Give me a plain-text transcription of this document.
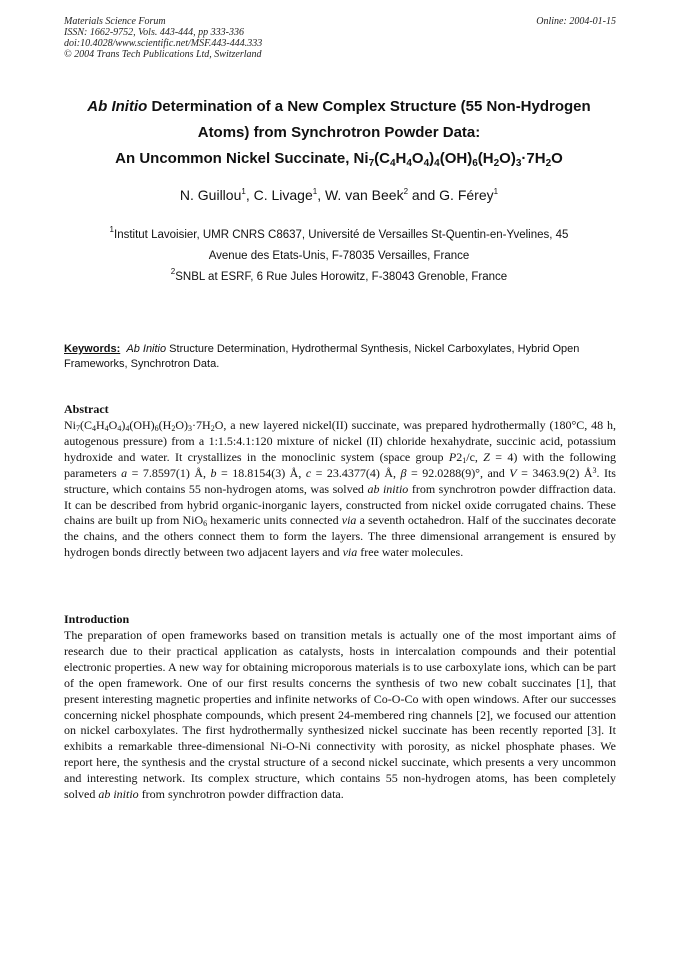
Materials Science Forum
ISSN: 1662-9752, Vols. 443-444, pp 333-336
doi:10.4028/www.scientific.net/MSF.443-444.333
© 2004 Trans Tech Publications Ltd, Switzerland
Online: 2004-01-15
Ab Initio Determination of a New Complex Structure (55 Non-Hydrogen
Atoms) from Synchrotron Powder Data:
An Uncommon Nickel Succinate, $Ni_7(C_4H_4O_4)_4(OH)_6(H_2O)_3\cdot 7H_2O$
N. Guillou$^1$, C. Livage$^1$, W. van Beek$^2$ and G. Férey$^1$
$^1$Institut Lavoisier, UMR CNRS C8637, Université de Versailles St-Quentin-en-Yvelines, 45
Avenue des Etats-Unis, F-78035 Versailles, France
$^2$SNBL at ESRF, 6 Rue Jules Horowitz, F-38043 Grenoble, France
Keywords: Ab Initio Structure Determination, Hydrothermal Synthesis, Nickel Carboxylates, Hybrid Open Frameworks, Synchrotron Data.
Abstract
$Ni_7(C_4H_4O_4)_4(OH)_6(H_2O)_3\cdot 7H_2O$, a new layered nickel(II) succinate, was prepared hydrothermally (180°C, 48 h, autogenous pressure) from a 1:1.5:4.1:120 mixture of nickel (II) chloride hexahydrate, succinic acid, potassium hydroxide and water. It crystallizes in the monoclinic system (space group $P2_1/c$, Z = 4) with the following parameters a = 7.8597(1) Å, b = 18.8154(3) Å, c = 23.4377(4) Å, β = 92.0288(9)°, and V = 3463.9(2) $Å^3$. Its structure, which contains 55 non-hydrogen atoms, was solved ab initio from synchrotron powder diffraction data. It can be described from hybrid organic-inorganic layers, constructed from nickel oxide corrugated chains. These chains are built up from NiO$_6$ hexameric units connected via a seventh octahedron. Half of the succinates decorate the chains, and the others connect them to form the layers. The three dimensional arrangement is ensured by hydrogen bonds directly between two adjacent layers and via free water molecules.
Introduction
The preparation of open frameworks based on transition metals is actually one of the most important aims of research due to their practical application as catalysts, hosts in intercalation compounds and their potential electronic properties. A new way for obtaining microporous materials is to use carboxylate ions, which can be part of the open framework. One of our first results concerns the synthesis of two new cobalt succinates [1], that present interesting magnetic properties and infinite networks of Co-O-Co with open windows. After our successes concerning nickel phosphate compounds, which present 24-membered ring channels [2], we focused our attention on nickel carboxylates. The first hydrothermally synthesized nickel succinate has been recently reported [3]. It exhibits a remarkable three-dimensional Ni-O-Ni connectivity with porosity, as nickel phosphate phases. We report here, the synthesis and the crystal structure of a second nickel succinate, which presents a very uncommon and interesting network. Its complex structure, which contains 55 non-hydrogen atoms, has been completely solved ab initio from synchrotron powder diffraction data.
